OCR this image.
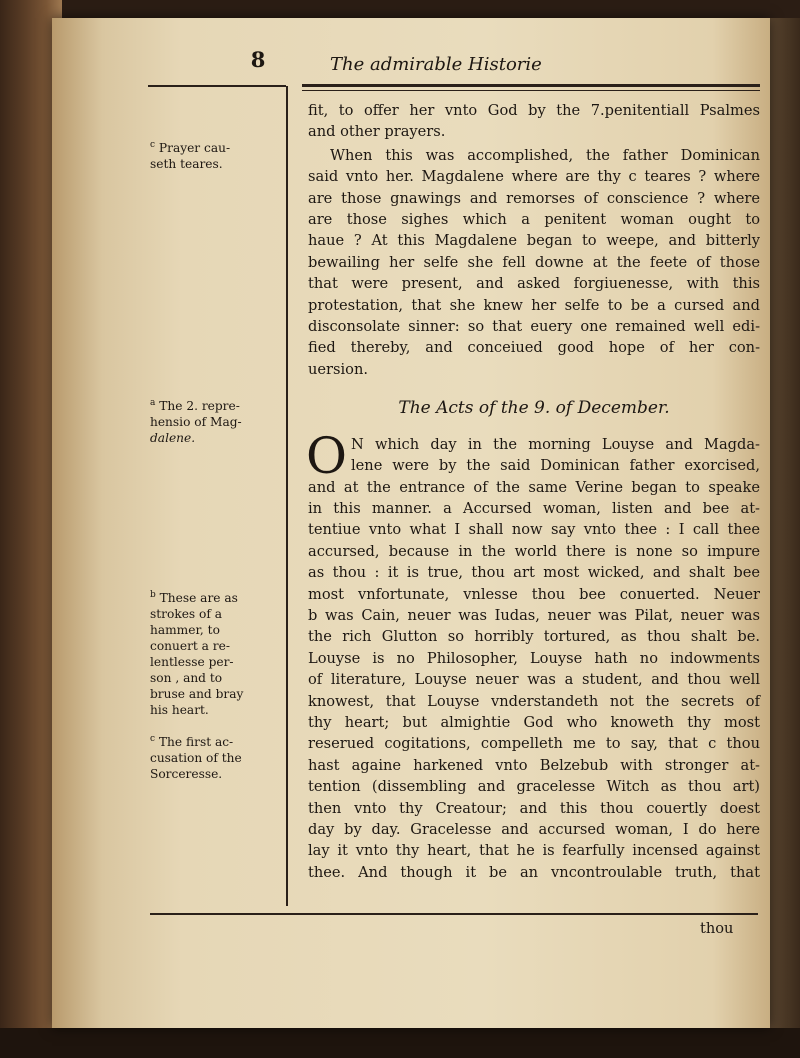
8	The admirable Historie
$^c$ Prayer cau-
seth teares.
$^a$ The 2. repre-
hensio of Mag-
dalene.
$^b$ These are as
strokes of a
hammer, to
conuert a re-
lentlesse per-
son , and to
bruse and bray
his heart.
$^c$ The first ac-
cusation of the
Sorceresse.
fit, to offer her vnto God by the 7.penitentiall Psalmes
and other prayers.
When this was accomplished, the father Dominican
said vnto her. Magdalene where are thy c teares ? where
are those gnawings and remorses of conscience ? where
are those sighes which a penitent woman ought to
haue ? At this Magdalene began to weepe, and bitterly
bewailing her selfe she fell downe at the feete of those
that were present, and asked forgiuenesse, with this
protestation, that she knew her selfe to be a cursed and
disconsolate sinner: so that euery one remained well edi-
fied thereby, and conceiued good hope of her con-
uersion.
The Acts of the 9. of December.
O N which day in the morning Louyse and Magda-
lene were by the said Dominican father exorcised,
and at the entrance of the same Verine began to speake
in this manner. a Accursed woman, listen and bee at-
tentiue vnto what I shall now say vnto thee : I call thee
accursed, because in the world there is none so impure
as thou : it is true, thou art most wicked, and shalt bee
most vnfortunate, vnlesse thou bee conuerted. Neuer
b was Cain, neuer was Iudas, neuer was Pilat, neuer was
the rich Glutton so horribly tortured, as thou shalt be.
Louyse is no Philosopher, Louyse hath no indowments
of literature, Louyse neuer was a student, and thou well
knowest, that Louyse vnderstandeth not the secrets of
thy heart; but almightie God who knoweth thy most
reserued cogitations, compelleth me to say, that c thou
hast againe harkened vnto Belzebub with stronger at-
tention (dissembling and gracelesse Witch as thou art)
then vnto thy Creatour; and this thou couertly doest
day by day. Gracelesse and accursed woman, I do here
lay it vnto thy heart, that he is fearfully incensed against
thee. And though it be an vncontroulable truth, that
thou
